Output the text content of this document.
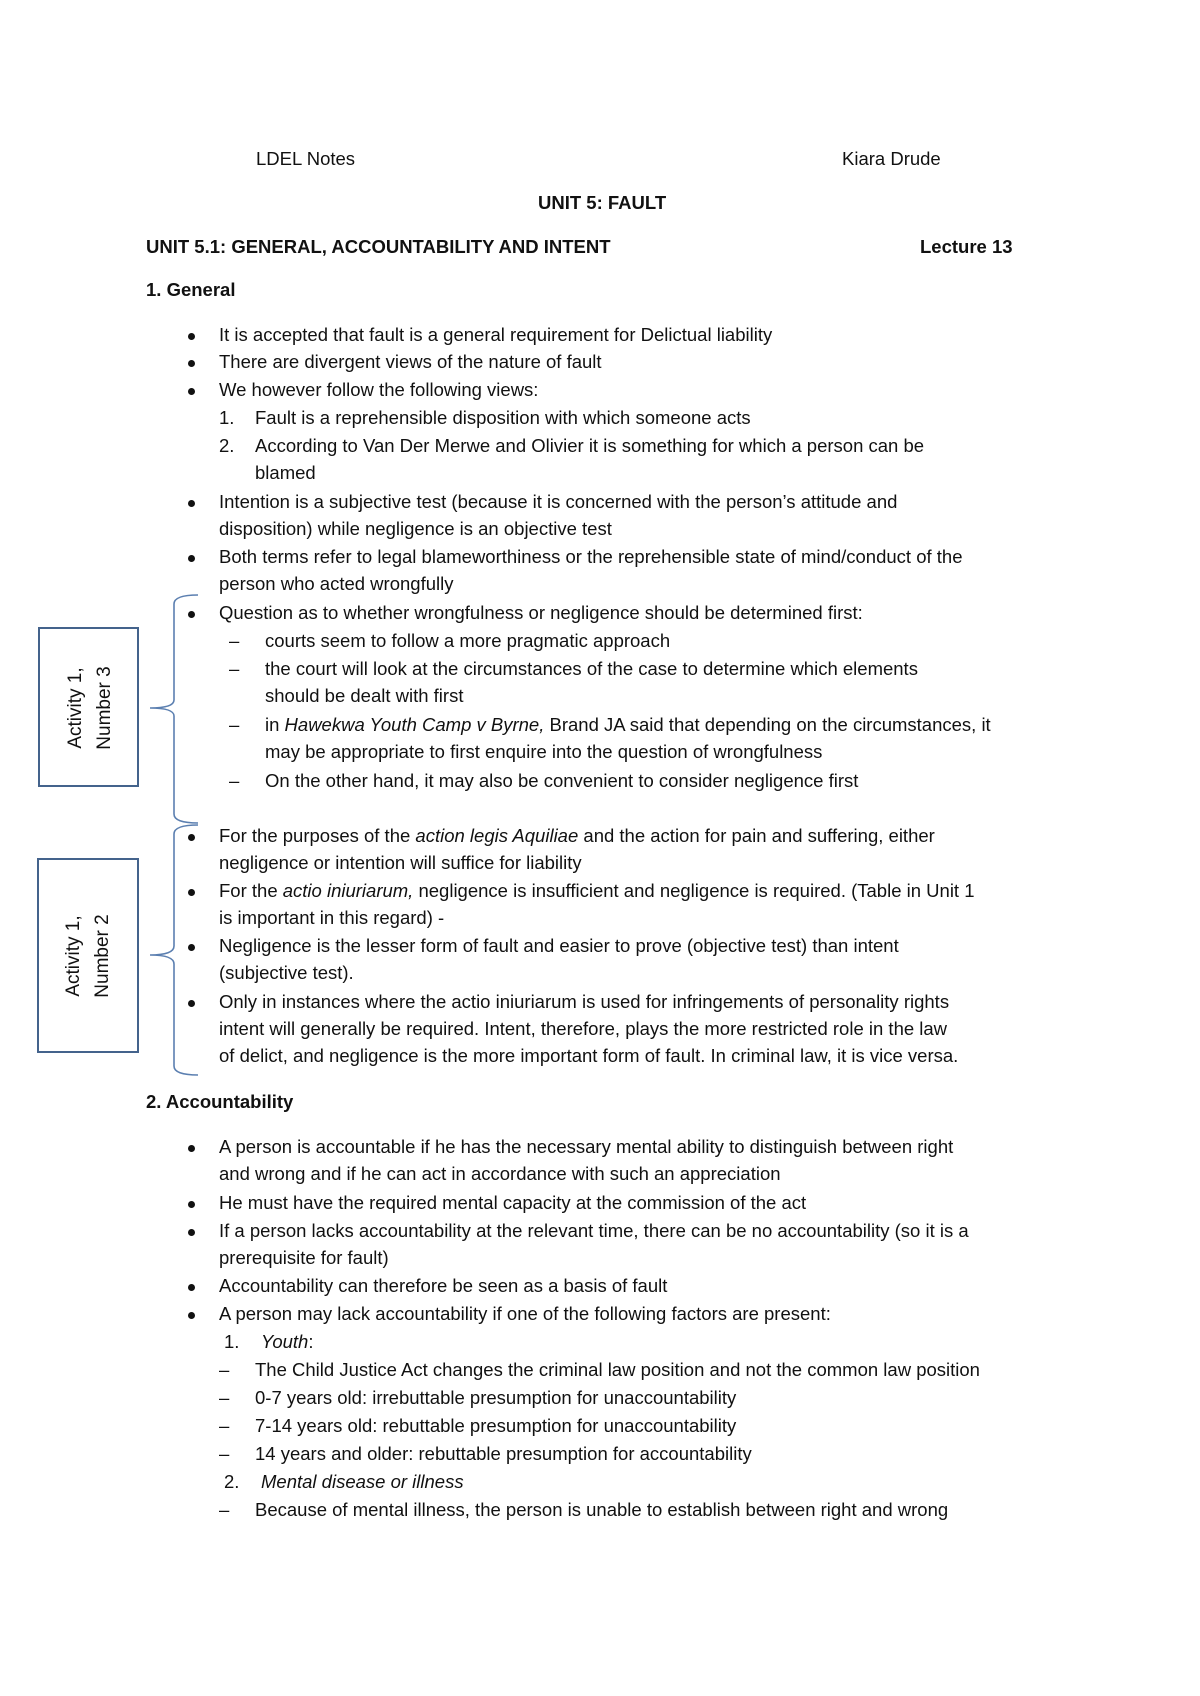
LDEL Notes	Kiara Drude
UNIT 5: FAULT
UNIT 5.1: GENERAL, ACCOUNTABILITY AND INTENT	Lecture 13
1. General
It is accepted that fault is a general requirement for Delictual liability
There are divergent views of the nature of fault
We however follow the following views:
1. Fault is a reprehensible disposition with which someone acts
2. According to Van Der Merwe and Olivier it is something for which a person can be
blamed
Intention is a subjective test (because it is concerned with the person’s attitude and
disposition) while negligence is an objective test
Both terms refer to legal blameworthiness or the reprehensible state of mind/conduct of the
person who acted wrongfully
Question as to whether wrongfulness or negligence should be determined first:
– courts seem to follow a more pragmatic approach
– the court will look at the circumstances of the case to determine which elements
should be dealt with first
– in Hawekwa Youth Camp v Byrne, Brand JA said that depending on the circumstances, it
may be appropriate to first enquire into the question of wrongfulness
– On the other hand, it may also be convenient to consider negligence first
For the purposes of the action legis Aquiliae and the action for pain and suffering, either
negligence or intention will suffice for liability
For the actio iniuriarum, negligence is insufficient and negligence is required. (Table in Unit 1
is important in this regard) -
Negligence is the lesser form of fault and easier to prove (objective test) than intent
(subjective test).
Only in instances where the actio iniuriarum is used for infringements of personality rights
intent will generally be required. Intent, therefore, plays the more restricted role in the law
of delict, and negligence is the more important form of fault. In criminal law, it is vice versa.
2. Accountability
A person is accountable if he has the necessary mental ability to distinguish between right
and wrong and if he can act in accordance with such an appreciation
He must have the required mental capacity at the commission of the act
If a person lacks accountability at the relevant time, there can be no accountability (so it is a
prerequisite for fault)
Accountability can therefore be seen as a basis of fault
A person may lack accountability if one of the following factors are present:
1. Youth:
– The Child Justice Act changes the criminal law position and not the common law position
– 0-7 years old: irrebuttable presumption for unaccountability
– 7-14 years old: rebuttable presumption for unaccountability
– 14 years and older: rebuttable presumption for accountability
2. Mental disease or illness
– Because of mental illness, the person is unable to establish between right and wrong
Activity 1, Number 3
Activity 1, Number 2
